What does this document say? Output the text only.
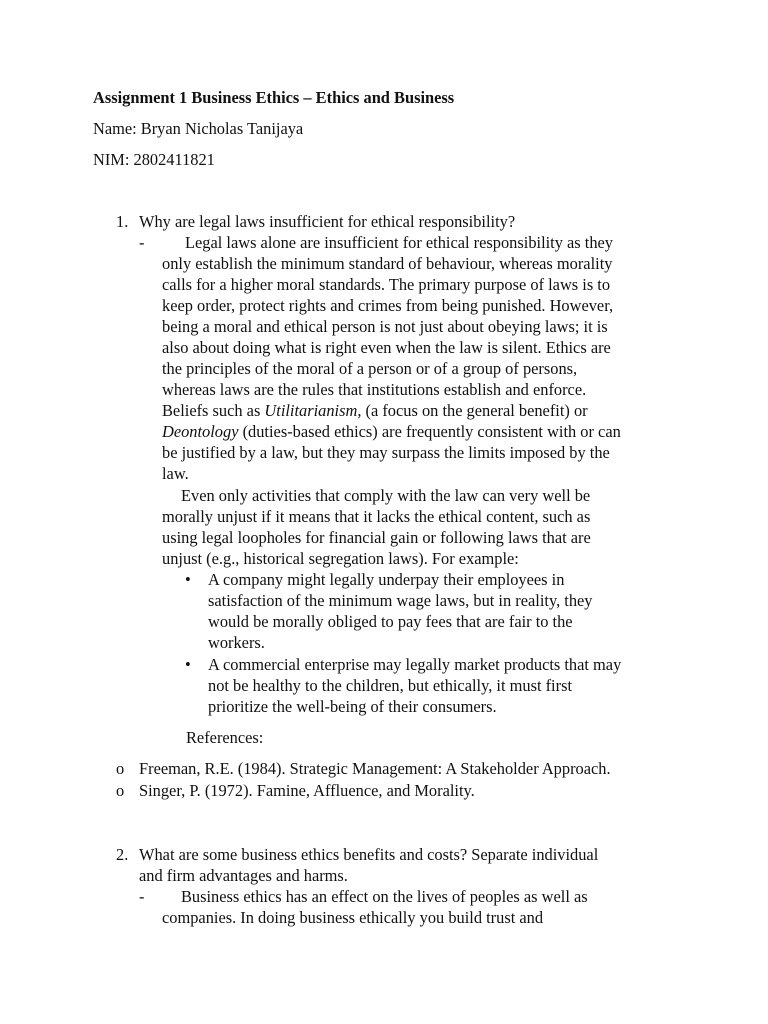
Assignment 1 Business Ethics – Ethics and Business
Name: Bryan Nicholas Tanijaya
NIM: 2802411821
1. Why are legal laws insufficient for ethical responsibility?
- Legal laws alone are insufficient for ethical responsibility as they
only establish the minimum standard of behaviour, whereas morality
calls for a higher moral standards. The primary purpose of laws is to
keep order, protect rights and crimes from being punished. However,
being a moral and ethical person is not just about obeying laws; it is
also about doing what is right even when the law is silent. Ethics are
the principles of the moral of a person or of a group of persons,
whereas laws are the rules that institutions establish and enforce.
Beliefs such as Utilitarianism, (a focus on the general benefit) or
Deontology (duties-based ethics) are frequently consistent with or can
be justified by a law, but they may surpass the limits imposed by the
law.
Even only activities that comply with the law can very well be
morally unjust if it means that it lacks the ethical content, such as
using legal loopholes for financial gain or following laws that are
unjust (e.g., historical segregation laws). For example:
• A company might legally underpay their employees in
satisfaction of the minimum wage laws, but in reality, they
would be morally obliged to pay fees that are fair to the
workers.
• A commercial enterprise may legally market products that may
not be healthy to the children, but ethically, it must first
prioritize the well-being of their consumers.
References:
o Freeman, R.E. (1984). Strategic Management: A Stakeholder Approach.
o Singer, P. (1972). Famine, Affluence, and Morality.
2. What are some business ethics benefits and costs? Separate individual
and firm advantages and harms.
- Business ethics has an effect on the lives of peoples as well as
companies. In doing business ethically you build trust and
